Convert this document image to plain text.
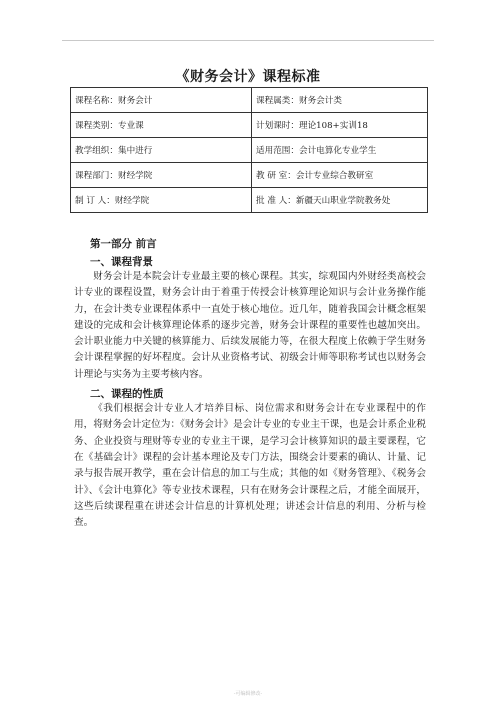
《财务会计》课程标准
课程名称：财务会计	课程属类：财务会计类
课程类别：专业课	计划课时：理论108+实训18
教学组织：集中进行	适用范围：会计电算化专业学生
课程部门：财经学院	教 研 室：会计专业综合教研室
制 订 人：财经学院	批 准 人：新疆天山职业学院教务处
第一部分 前言
一、课程背景

财务会计是本院会计专业最主要的核心课程。其实，综观国内外财经类高校会计专业的课程设置，财务会计由于着重于传授会计核算理论知识与会计业务操作能力，在会计类专业课程体系中一直处于核心地位。近几年，随着我国会计概念框架建设的完成和会计核算理论体系的逐步完善，财务会计课程的重要性也越加突出。会计职业能力中关键的核算能力、后续发展能力等，在很大程度上依赖于学生财务会计课程掌握的好坏程度。会计从业资格考试、初级会计师等职称考试也以财务会计理论与实务为主要考核内容。

二、课程的性质

《我们根据会计专业人才培养目标、岗位需求和财务会计在专业课程中的作用，将财务会计定位为：《财务会计》是会计专业的专业主干课，也是会计系企业税务、企业投资与理财等专业的专业主干课，是学习会计核算知识的最主要课程，它在《基础会计》课程的会计基本理论及专门方法，围绕会计要素的确认、计量、记录与报告展开教学，重在会计信息的加工与生成；其他的如《财务管理》、《税务会计》、《会计电算化》等专业技术课程，只有在财务会计课程之后，才能全面展开，这些后续课程重在讲述会计信息的计算机处理；讲述会计信息的利用、分析与检查。

-可编辑修改-
